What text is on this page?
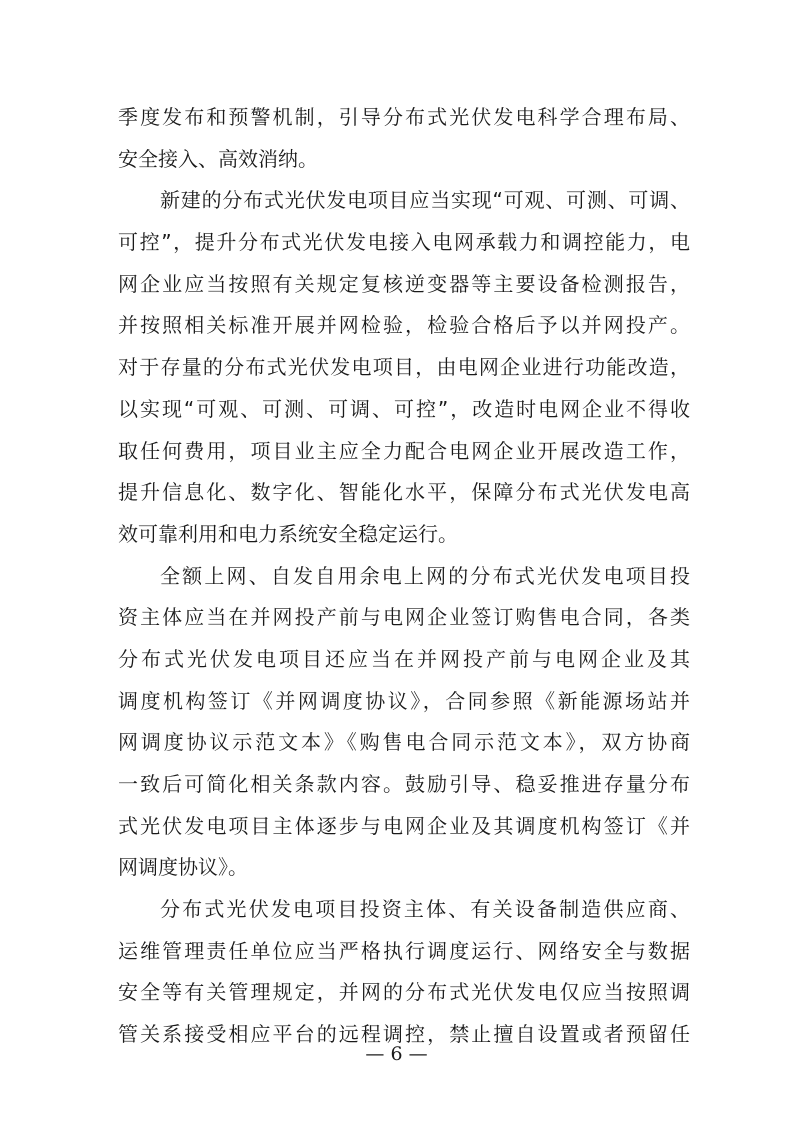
季度发布和预警机制，引导分布式光伏发电科学合理布局、
安全接入、高效消纳。
新建的分布式光伏发电项目应当实现“可观、可测、可调、
可控”，提升分布式光伏发电接入电网承载力和调控能力，电
网企业应当按照有关规定复核逆变器等主要设备检测报告，
并按照相关标准开展并网检验，检验合格后予以并网投产。
对于存量的分布式光伏发电项目，由电网企业进行功能改造，
以实现“可观、可测、可调、可控”，改造时电网企业不得收
取任何费用，项目业主应全力配合电网企业开展改造工作，
提升信息化、数字化、智能化水平，保障分布式光伏发电高
效可靠利用和电力系统安全稳定运行。
全额上网、自发自用余电上网的分布式光伏发电项目投
资主体应当在并网投产前与电网企业签订购售电合同，各类
分布式光伏发电项目还应当在并网投产前与电网企业及其
调度机构签订《并网调度协议》，合同参照《新能源场站并
网调度协议示范文本》《购售电合同示范文本》，双方协商
一致后可简化相关条款内容。鼓励引导、稳妥推进存量分布
式光伏发电项目主体逐步与电网企业及其调度机构签订《并
网调度协议》。
分布式光伏发电项目投资主体、有关设备制造供应商、
运维管理责任单位应当严格执行调度运行、网络安全与数据
安全等有关管理规定，并网的分布式光伏发电仅应当按照调
管关系接受相应平台的远程调控，禁止擅自设置或者预留任
— 6 —
